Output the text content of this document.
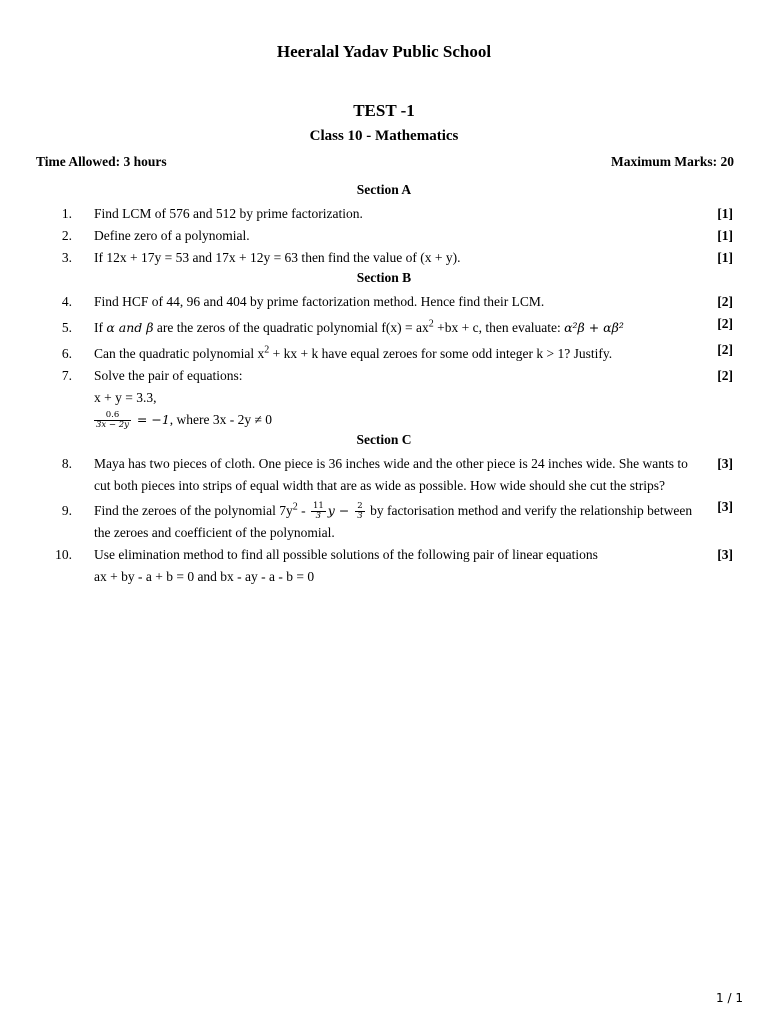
Heeralal Yadav Public School
TEST -1
Class 10 - Mathematics
Time Allowed: 3 hours	Maximum Marks: 20
Section A
1. Find LCM of 576 and 512 by prime factorization.	[1]
2. Define zero of a polynomial.	[1]
3. If 12x + 17y = 53 and 17x + 12y = 63 then find the value of (x + y).	[1]
Section B
4. Find HCF of 44, 96 and 404 by prime factorization method. Hence find their LCM.	[2]
5. If α and β are the zeros of the quadratic polynomial $f(x) = ax^2 +bx + c$, then evaluate: α²β + αβ²	[2]
6. Can the quadratic polynomial $x^2$ + kx + k have equal zeroes for some odd integer k > 1? Justify.	[2]
7. Solve the pair of equations:
x + y = 3.3,
$\frac{0.6}{3x - 2y} = -1$, where 3x - 2y ≠ 0
[2]
Section C
8. Maya has two pieces of cloth. One piece is 36 inches wide and the other piece is 24 inches wide. She wants to cut both pieces into strips of equal width that are as wide as possible. How wide should she cut the strips?
[3]
9. Find the zeroes of the polynomial $7y^2 - \frac{11}{3}$ $y - \frac{2}{3}$ by factorisation method and verify the relationship between the zeroes and coefficient of the polynomial.
[3]
10. Use elimination method to find all possible solutions of the following pair of linear equations
ax + by - a + b = 0 and bx - ay - a - b = 0
[3]
1 / 1
